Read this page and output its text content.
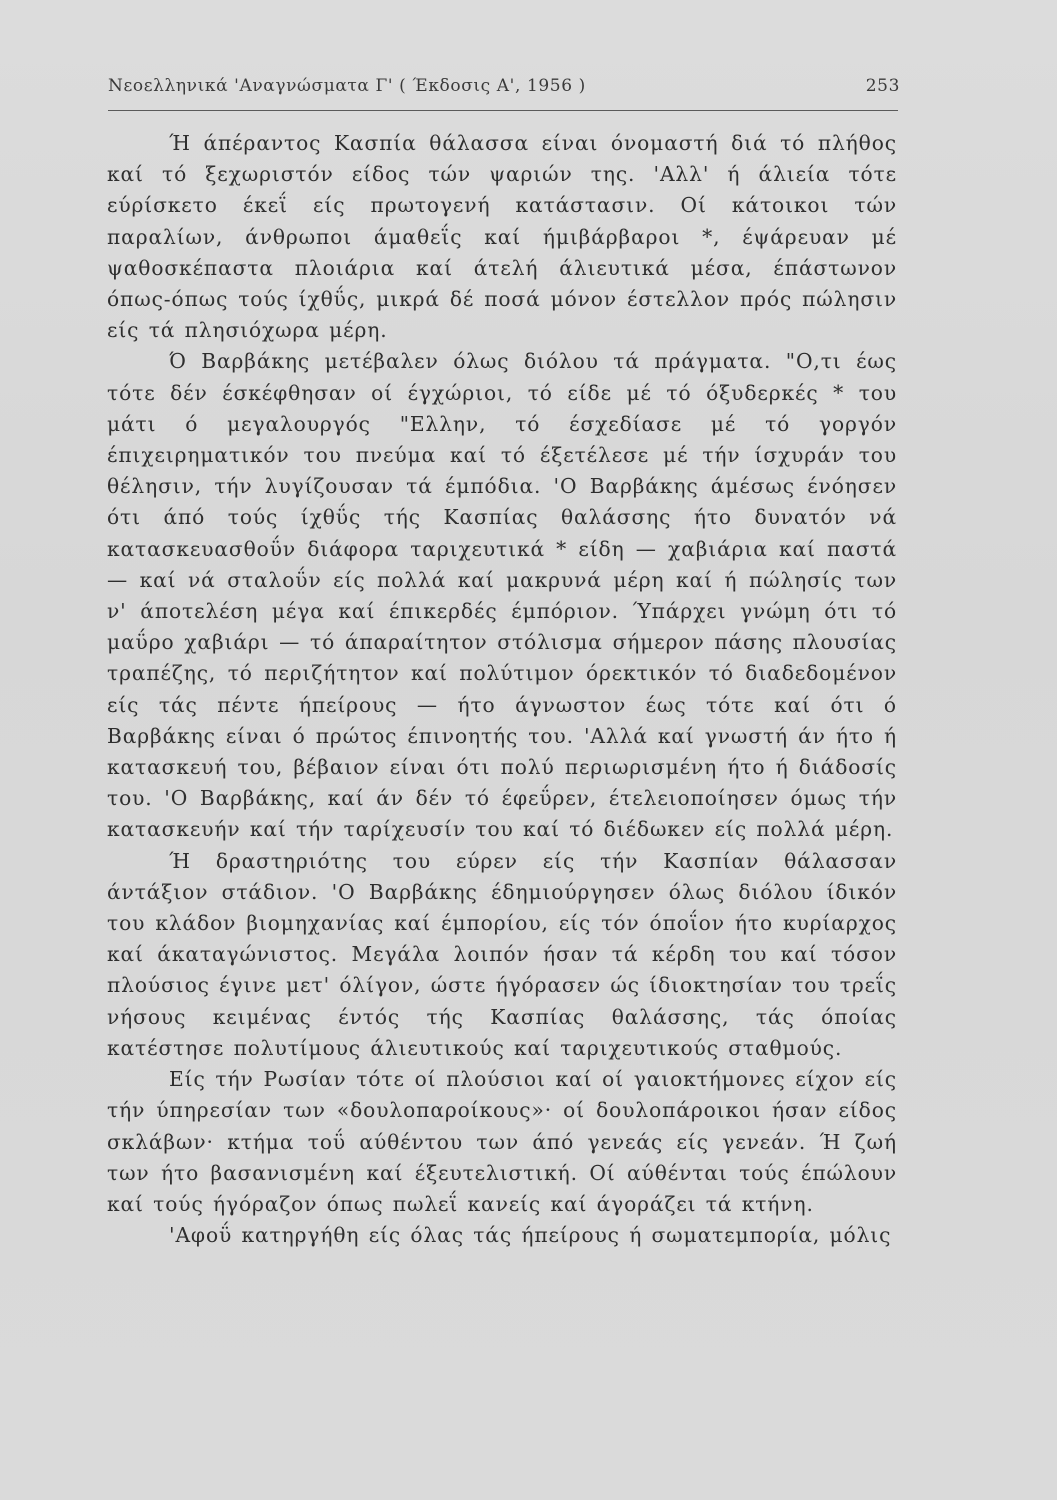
Νεοελληνικά 'Αναγνώσματα Γ' ( Έκδοσις Α', 1956 )	253

Ή άπέραντος Κασπία θάλασσα είναι όνομαστή διά τό πλήθος καί τό ξεχωριστόν είδος τών ψαριών της. 'Αλλ' ή άλιεία τότε εύρίσκετο έκεΐ είς πρωτογενή κατάστασιν. Οί κάτοικοι τών παραλίων, άνθρωποι άμαθεΐς καί ήμιβάρβαροι *, έψάρευαν μέ ψαθοσκέπαστα πλοιάρια καί άτελή άλιευτικά μέσα, έπάστωνον όπως-όπως τούς ίχθΰς, μικρά δέ ποσά μόνον έστελλον πρός πώλησιν είς τά πλησιόχωρα μέρη.

Ό Βαρβάκης μετέβαλεν όλως διόλου τά πράγματα. "Ο,τι έως τότε δέν έσκέφθησαν οί έγχώριοι, τό είδε μέ τό όξυδερκές * του μάτι ό μεγαλουργός "Ελλην, τό έσχεδίασε μέ τό γοργόν έπιχειρηματικόν του πνεύμα καί τό έξετέλεσε μέ τήν ίσχυράν του θέλησιν, τήν λυγίζουσαν τά έμπόδια. 'Ο Βαρβάκης άμέσως ένόησεν ότι άπό τούς ίχθΰς τής Κασπίας θαλάσσης ήτο δυνατόν νά κατασκευασθοΰν διάφορα ταριχευτικά * είδη — χαβιάρια καί παστά — καί νά σταλοΰν είς πολλά καί μακρυνά μέρη καί ή πώλησίς των ν' άποτελέση μέγα καί έπικερδές έμπόριον. Ύπάρχει γνώμη ότι τό μαΰρο χαβιάρι — τό άπαραίτητον στόλισμα σήμερον πάσης πλουσίας τραπέζης, τό περιζήτητον καί πολύτιμον όρεκτικόν τό διαδεδομένον είς τάς πέντε ήπείρους — ήτο άγνωστον έως τότε καί ότι ό Βαρβάκης είναι ό πρώτος έπινοητής του. 'Αλλά καί γνωστή άν ήτο ή κατασκευή του, βέβαιον είναι ότι πολύ περιωρισμένη ήτο ή διάδοσίς του. 'Ο Βαρβάκης, καί άν δέν τό έφεΰρεν, έτελειοποίησεν όμως τήν κατασκευήν καί τήν ταρίχευσίν του καί τό διέδωκεν είς πολλά μέρη.

Ή δραστηριότης του εύρεν είς τήν Κασπίαν θάλασσαν άντάξιον στάδιον. 'Ο Βαρβάκης έδημιούργησεν όλως διόλου ίδικόν του κλάδον βιομηχανίας καί έμπορίου, είς τόν όποΐον ήτο κυρίαρχος καί άκαταγώνιστος. Μεγάλα λοιπόν ήσαν τά κέρδη του καί τόσον πλούσιος έγινε μετ' όλίγον, ώστε ήγόρασεν ώς ίδιοκτησίαν του τρεΐς νήσους κειμένας έντός τής Κασπίας θαλάσσης, τάς όποίας κατέστησε πολυτίμους άλιευτικούς καί ταριχευτικούς σταθμούς.

Είς τήν Ρωσίαν τότε οί πλούσιοι καί οί γαιοκτήμονες είχον είς τήν ύπηρεσίαν των «δουλοπαροίκους»· οί δουλοπάροικοι ήσαν είδος σκλάβων· κτήμα τοΰ αύθέντου των άπό γενεάς είς γενεάν. Ή ζωή των ήτο βασανισμένη καί έξευτελιστική. Οί αύθένται τούς έπώλουν καί τούς ήγόραζον όπως πωλεΐ κανείς καί άγοράζει τά κτήνη.

'Αφοΰ κατηργήθη είς όλας τάς ήπείρους ή σωματεμπορία, μόλις
